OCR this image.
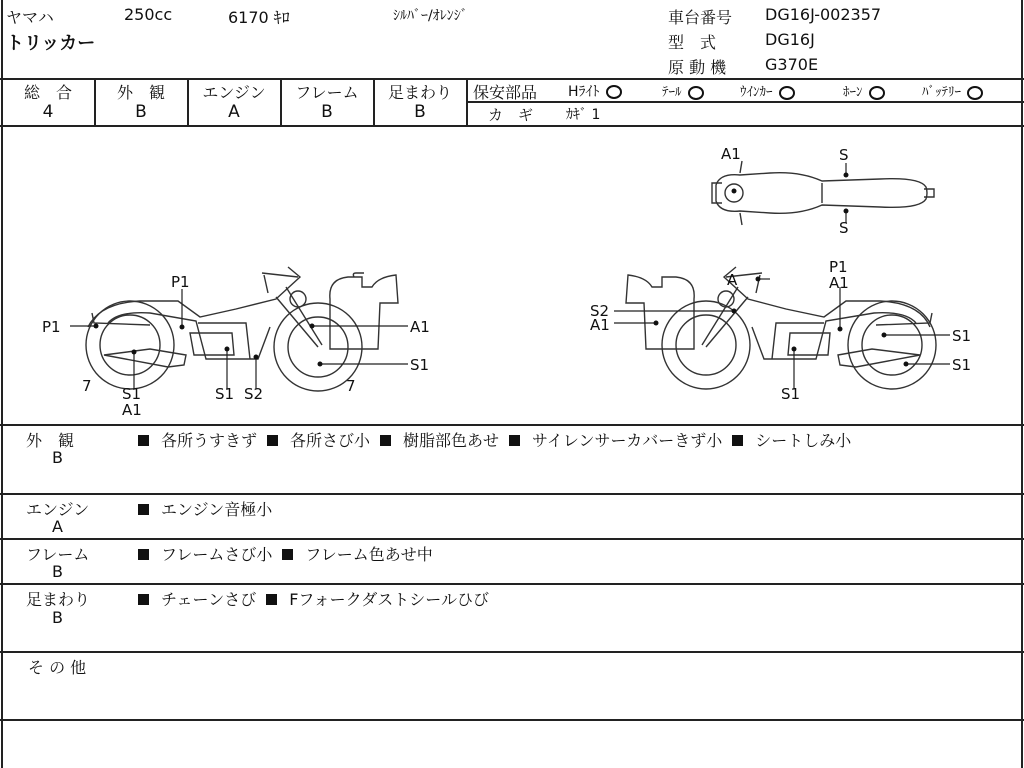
ヤマハ
トリッカー
250cc	6170 ｷﾛ	ｼﾙﾊﾞｰ/ｵﾚﾝｼﾞ	車台番号 DG16J-002357
型　式	DG16J
原 動 機 G370E
総　合
4
外　観
B
エンジン
A
フレーム
B
足まわり
B
保安部品 Hﾗｲﾄ	ﾃｰﾙ	ｳｲﾝｶｰ	ﾎｰﾝ	ﾊﾞｯﾃﾘｰ
カ　ギ ｶｷﾞ 1
P1
P1
A1
S1
7	7
S1
A1
S1 S2
A
P1
A1
S2
A1
S1
S1
S1
A1	S
S
外　観
B
各所うすきず 各所さび小 樹脂部色あせ サイレンサーカバーきず小 シートしみ小
エンジン
A
エンジン音極小
フレーム
B
フレームさび小 フレーム色あせ中
足まわり
B
チェーンさび Fフォークダストシールひび
そ の 他
